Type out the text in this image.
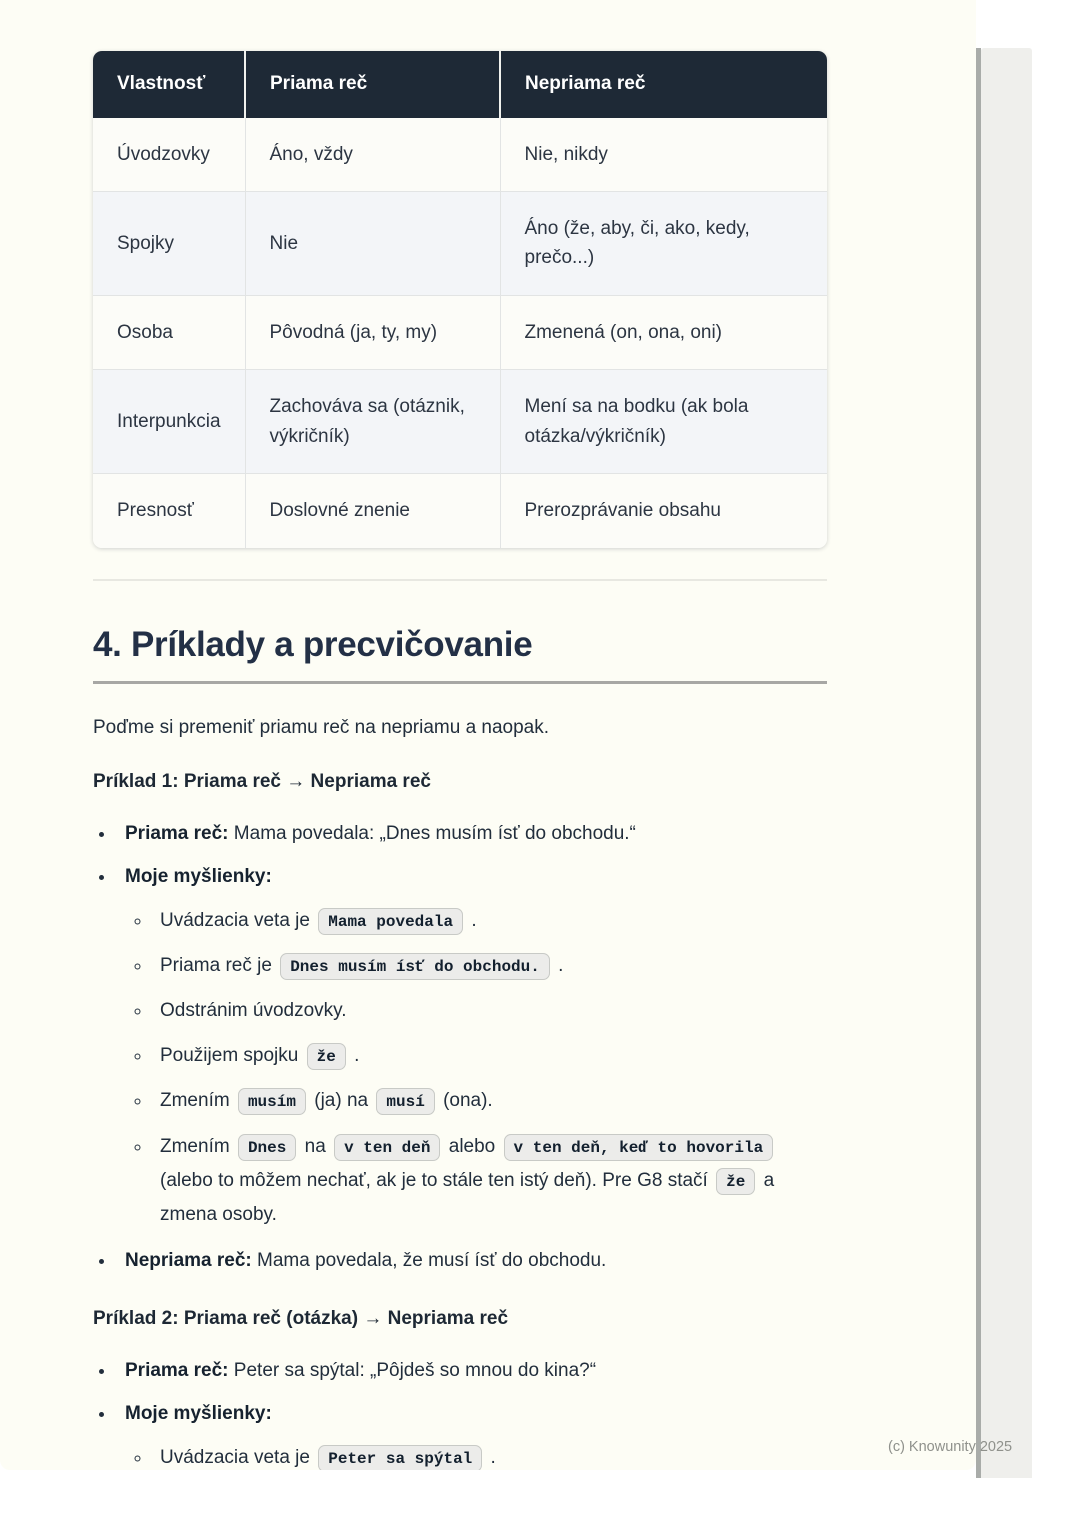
Vlastnosť	Priama reč	Nepriama reč
Úvodzovky	Áno, vždy	Nie, nikdy
Spojky	Nie	Áno (že, aby, či, ako, kedy, prečo...)
Osoba	Pôvodná (ja, ty, my)	Zmenená (on, ona, oni)
Interpunkcia	Zachováva sa (otáznik, výkričník)	Mení sa na bodku (ak bola otázka/výkričník)
Presnosť	Doslovné znenie	Prerozprávanie obsahu
4. Príklady a precvičovanie

Poďme si premeniť priamu reč na nepriamu a naopak.

Príklad 1: Priama reč → Nepriama reč

• Priama reč: Mama povedala: „Dnes musím ísť do obchodu.“
• Moje myšlienky:
◦ Uvádzacia veta je Mama povedala .
◦ Priama reč je Dnes musím ísť do obchodu. .
◦ Odstránim úvodzovky.
◦ Použijem spojku že .
◦ Zmením musím (ja) na musí (ona).
◦ Zmením Dnes na v ten deň alebo v ten deň, keď to hovorila (alebo to môžem nechať, ak je to stále ten istý deň). Pre G8 stačí že a zmena osoby.
• Nepriama reč: Mama povedala, že musí ísť do obchodu.

Príklad 2: Priama reč (otázka) → Nepriama reč

• Priama reč: Peter sa spýtal: „Pôjdeš so mnou do kina?“
• Moje myšlienky:
◦ Uvádzacia veta je Peter sa spýtal .	(c) Knowunity 2025
